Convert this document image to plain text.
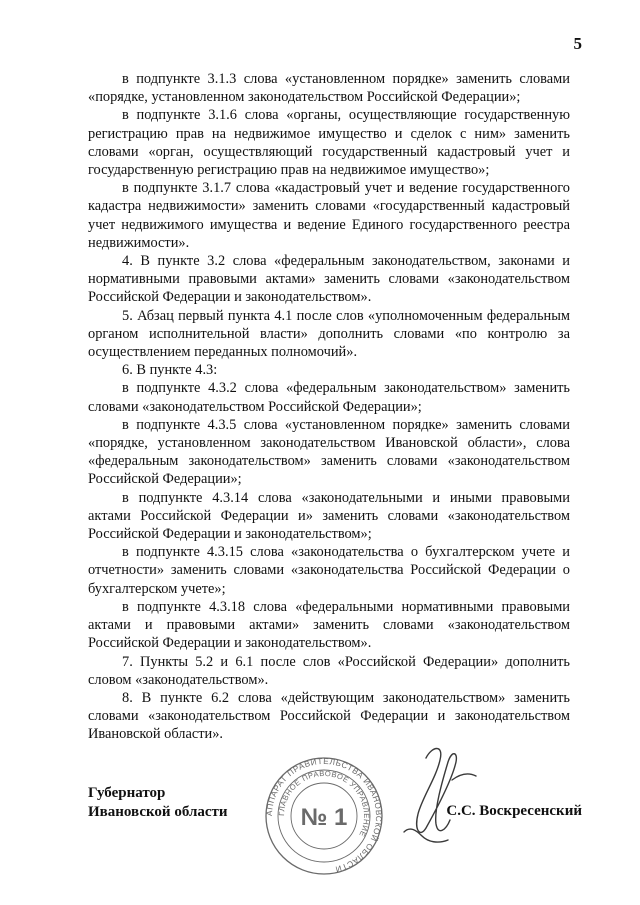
5

в подпункте 3.1.3 слова «установленном порядке» заменить словами «порядке, установленном законодательством Российской Федерации»;

в подпункте 3.1.6 слова «органы, осуществляющие государственную регистрацию прав на недвижимое имущество и сделок с ним» заменить словами «орган, осуществляющий государственный кадастровый учет и государственную регистрацию прав на недвижимое имущество»;

в подпункте 3.1.7 слова «кадастровый учет и ведение государственного кадастра недвижимости» заменить словами «государственный кадастровый учет недвижимого имущества и ведение Единого государственного реестра недвижимости».

4. В пункте 3.2 слова «федеральным законодательством, законами и нормативными правовыми актами» заменить словами «законодательством Российской Федерации и законодательством».

5. Абзац первый пункта 4.1 после слов «уполномоченным федеральным органом исполнительной власти» дополнить словами «по контролю за осуществлением переданных полномочий».

6. В пункте 4.3:

в подпункте 4.3.2 слова «федеральным законодательством» заменить словами «законодательством Российской Федерации»;

в подпункте 4.3.5 слова «установленном порядке» заменить словами «порядке, установленном законодательством Ивановской области», слова «федеральным законодательством» заменить словами «законодательством Российской Федерации»;

в подпункте 4.3.14 слова «законодательными и иными правовыми актами Российской Федерации и» заменить словами «законодательством Российской Федерации и законодательством»;

в подпункте 4.3.15 слова «законодательства о бухгалтерском учете и отчетности» заменить словами «законодательства Российской Федерации о бухгалтерском учете»;

в подпункте 4.3.18 слова «федеральными нормативными правовыми актами и правовыми актами» заменить словами «законодательством Российской Федерации и законодательством».

7. Пункты 5.2 и 6.1 после слов «Российской Федерации» дополнить словом «законодательством».

8. В пункте 6.2 слова «действующим законодательством» заменить словами «законодательством Российской Федерации и законодательством Ивановской области».

Губернатор
Ивановской области	С.С. Воскресенский
АППАРАТ ПРАВИТЕЛЬСТВА ИВАНОВСКОЙ ОБЛАСТИ
ГЛАВНОЕ ПРАВОВОЕ УПРАВЛЕНИЕ
№ 1
